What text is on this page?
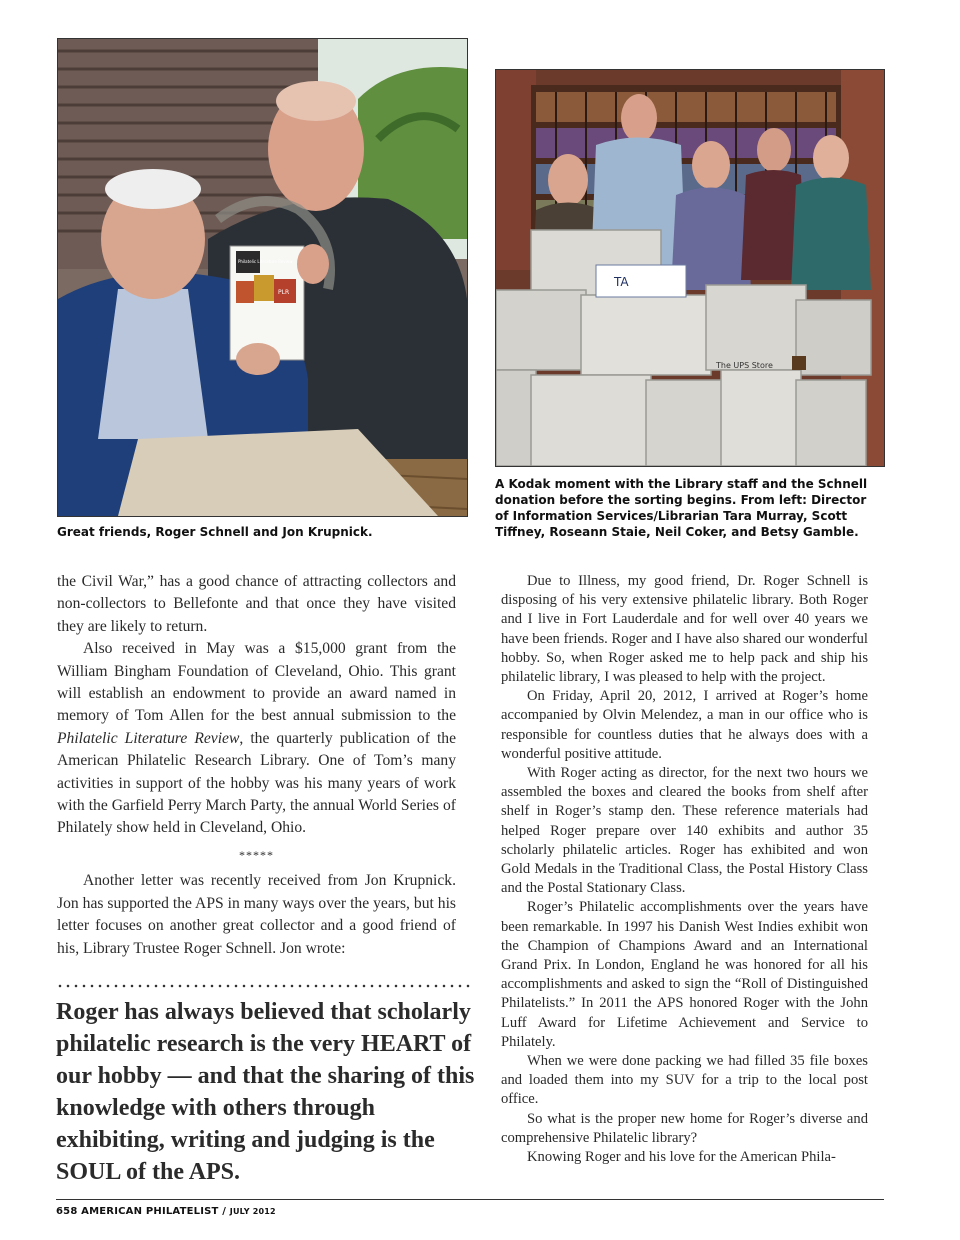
Philatelic Literature Review
PLR
Great friends, Roger Schnell and Jon Krupnick.
TA
The UPS Store
A Kodak moment with the Library staff and the Schnell donation before the sorting begins. From left: Director of Information Services/Librarian Tara Murray, Scott Tiffney, Roseann Staie, Neil Coker, and Betsy Gamble.

the Civil War,” has a good chance of attracting collectors and non-collectors to Bellefonte and that once they have visited they are likely to return.

Also received in May was a $15,000 grant from the William Bingham Foundation of Cleveland, Ohio. This grant will establish an endowment to provide an award named in memory of Tom Allen for the best annual submission to the Philatelic Literature Review, the quarterly publication of the American Philatelic Research Library. One of Tom’s many activities in support of the hobby was his many years of work with the Garfield Perry March Party, the annual World Series of Philately show held in Cleveland, Ohio.

*****

Another letter was recently received from Jon Krupnick. Jon has supported the APS in many ways over the years, but his letter focuses on another great collector and a good friend of his, Library Trustee Roger Schnell. Jon wrote:

Roger has always believed that scholarly philatelic research is the very HEART of our hobby — and that the sharing of this knowledge with others through exhibiting, writing and judging is the SOUL of the APS.

Due to Illness, my good friend, Dr. Roger Schnell is disposing of his very extensive philatelic library. Both Roger and I live in Fort Lauderdale and for well over 40 years we have been friends. Roger and I have also shared our wonderful hobby. So, when Roger asked me to help pack and ship his philatelic library, I was pleased to help with the project.

On Friday, April 20, 2012, I arrived at Roger’s home accompanied by Olvin Melendez, a man in our office who is responsible for countless duties that he always does with a wonderful positive attitude.

With Roger acting as director, for the next two hours we assembled the boxes and cleared the books from shelf after shelf in Roger’s stamp den. These reference materials had helped Roger prepare over 140 exhibits and author 35 scholarly philatelic articles. Roger has exhibited and won Gold Medals in the Traditional Class, the Postal History Class and the Postal Stationary Class.

Roger’s Philatelic accomplishments over the years have been remarkable. In 1997 his Danish West Indies exhibit won the Champion of Champions Award and an International Grand Prix. In London, England he was honored for all his accomplishments and asked to sign the “Roll of Distinguished Philatelists.” In 2011 the APS honored Roger with the John Luff Award for Lifetime Achievement and Service to Philately.

When we were done packing we had filled 35 file boxes and loaded them into my SUV for a trip to the local post office.

So what is the proper new home for Roger’s diverse and comprehensive Philatelic library?

Knowing Roger and his love for the American Phila-

658 AMERICAN PHILATELIST / JULY 2012
